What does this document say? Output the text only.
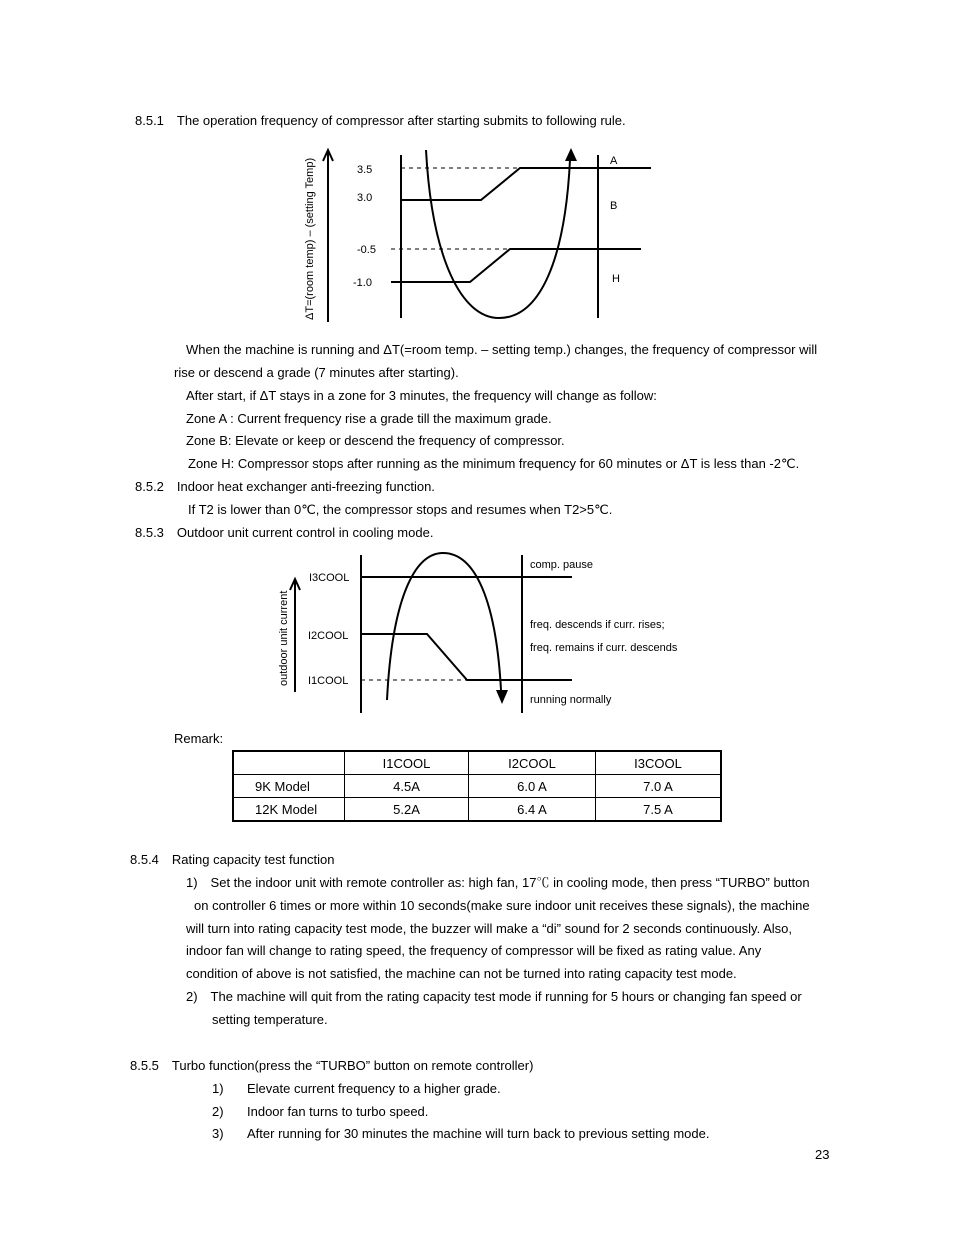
8.5.1　The operation frequency of compressor after starting submits to following rule.
ΔT=(room temp) – (setting Temp)	3.5
3.0
-0.5
-1.0
A
B
H
When the machine is running and ΔT(=room temp. – setting temp.) changes, the frequency of compressor will
rise or descend a grade (7 minutes after starting).
After start, if ΔT stays in a zone for 3 minutes, the frequency will change as follow:
Zone A : Current frequency rise a grade till the maximum grade.
Zone B: Elevate or keep or descend the frequency of compressor.
Zone H: Compressor stops after running as the minimum frequency for 60 minutes or ΔT is less than -2℃.
8.5.2　Indoor heat exchanger anti-freezing function.
If T2 is lower than 0℃, the compressor stops and resumes when T2>5℃.
8.5.3　Outdoor unit current control in cooling mode.
outdoor unit current
I3COOL
I2COOL
I1COOL
comp. pause
freq. descends if curr. rises;
freq. remains if curr. descends
running normally
Remark:
	I1COOL	I2COOL	I3COOL
9K Model	4.5A	6.0 A	7.0 A
12K Model	5.2A	6.4 A	7.5 A
8.5.4　Rating capacity test function
1)　Set the indoor unit with remote controller as: high fan, 17℃ in cooling mode, then press “TURBO” button
on controller 6 times or more within 10 seconds(make sure indoor unit receives these signals), the machine
will turn into rating capacity test mode, the buzzer will make a “di” sound for 2 seconds continuously. Also,
indoor fan will change to rating speed, the frequency of compressor will be fixed as rating value. Any
condition of above is not satisfied, the machine can not be turned into rating capacity test mode.
2)　The machine will quit from the rating capacity test mode if running for 5 hours or changing fan speed or
setting temperature.
8.5.5　Turbo function(press the “TURBO” button on remote controller)
1) Elevate current frequency to a higher grade.
2) Indoor fan turns to turbo speed.
3) After running for 30 minutes the machine will turn back to previous setting mode.
23
